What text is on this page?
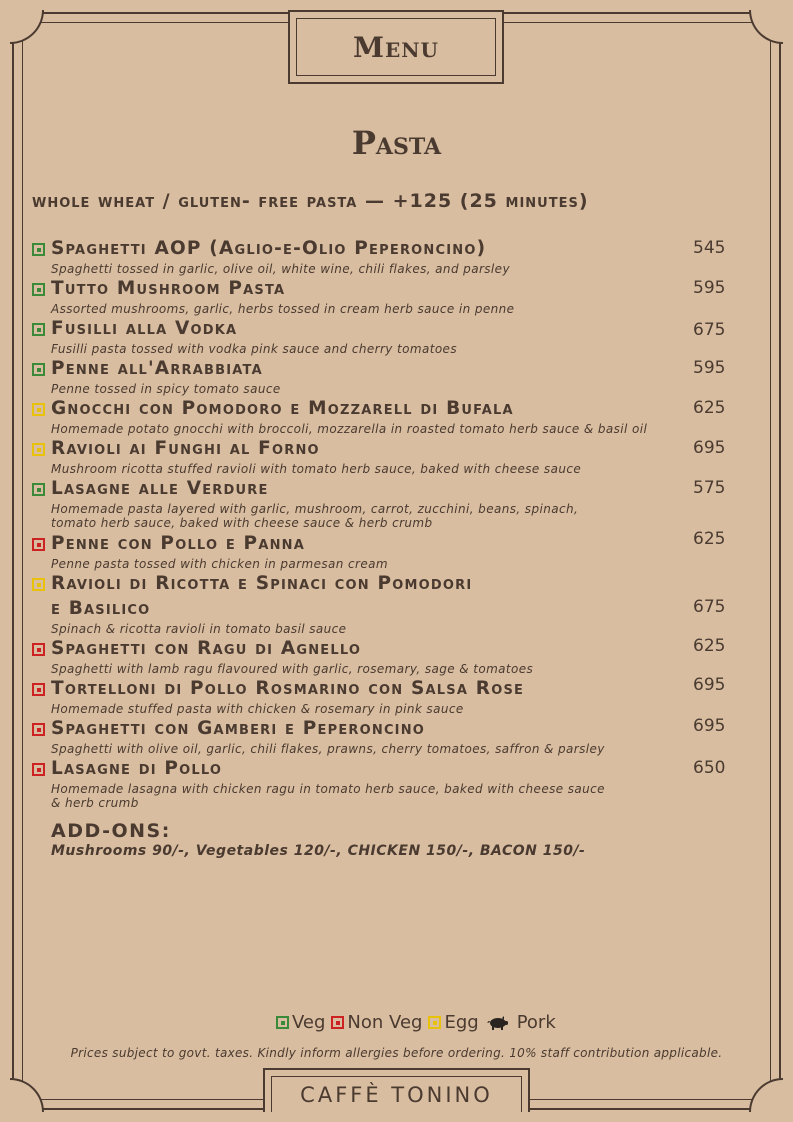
Menu
Pasta
whole wheat / gluten- free pasta — +125 (25 minutes)
Spaghetti AOP (Aglio-e-Olio Peperoncino)
Spaghetti tossed in garlic, olive oil, white wine, chili flakes, and parsley
545
Tutto Mushroom Pasta
Assorted mushrooms, garlic, herbs tossed in cream herb sauce in penne
595
Fusilli alla Vodka
Fusilli pasta tossed with vodka pink sauce and cherry tomatoes
675
Penne all'Arrabbiata
Penne tossed in spicy tomato sauce
595
Gnocchi con Pomodoro e Mozzarell di Bufala
Homemade potato gnocchi with broccoli, mozzarella in roasted tomato herb sauce & basil oil
625
Ravioli ai Funghi al Forno
Mushroom ricotta stuffed ravioli with tomato herb sauce, baked with cheese sauce
695
Lasagne alle Verdure
Homemade pasta layered with garlic, mushroom, carrot, zucchini, beans, spinach,
tomato herb sauce, baked with cheese sauce & herb crumb
575
Penne con Pollo e Panna
Penne pasta tossed with chicken in parmesan cream
625
Ravioli di Ricotta e Spinaci con Pomodori
e Basilico
Spinach & ricotta ravioli in tomato basil sauce
675
Spaghetti con Ragu di Agnello
Spaghetti with lamb ragu flavoured with garlic, rosemary, sage & tomatoes
625
Tortelloni di Pollo Rosmarino con Salsa Rose
Homemade stuffed pasta with chicken & rosemary in pink sauce
695
Spaghetti con Gamberi e Peperoncino
Spaghetti with olive oil, garlic, chili flakes, prawns, cherry tomatoes, saffron & parsley
695
Lasagne di Pollo
Homemade lasagna with chicken ragu in tomato herb sauce, baked with cheese sauce
& herb crumb
650
ADD-ONS:
Mushrooms 90/-, Vegetables 120/-, CHICKEN 150/-, BACON 150/-
Veg Non Veg Egg Pork
Prices subject to govt. taxes. Kindly inform allergies before ordering. 10% staff contribution applicable.
CAFFÈ TONINO
